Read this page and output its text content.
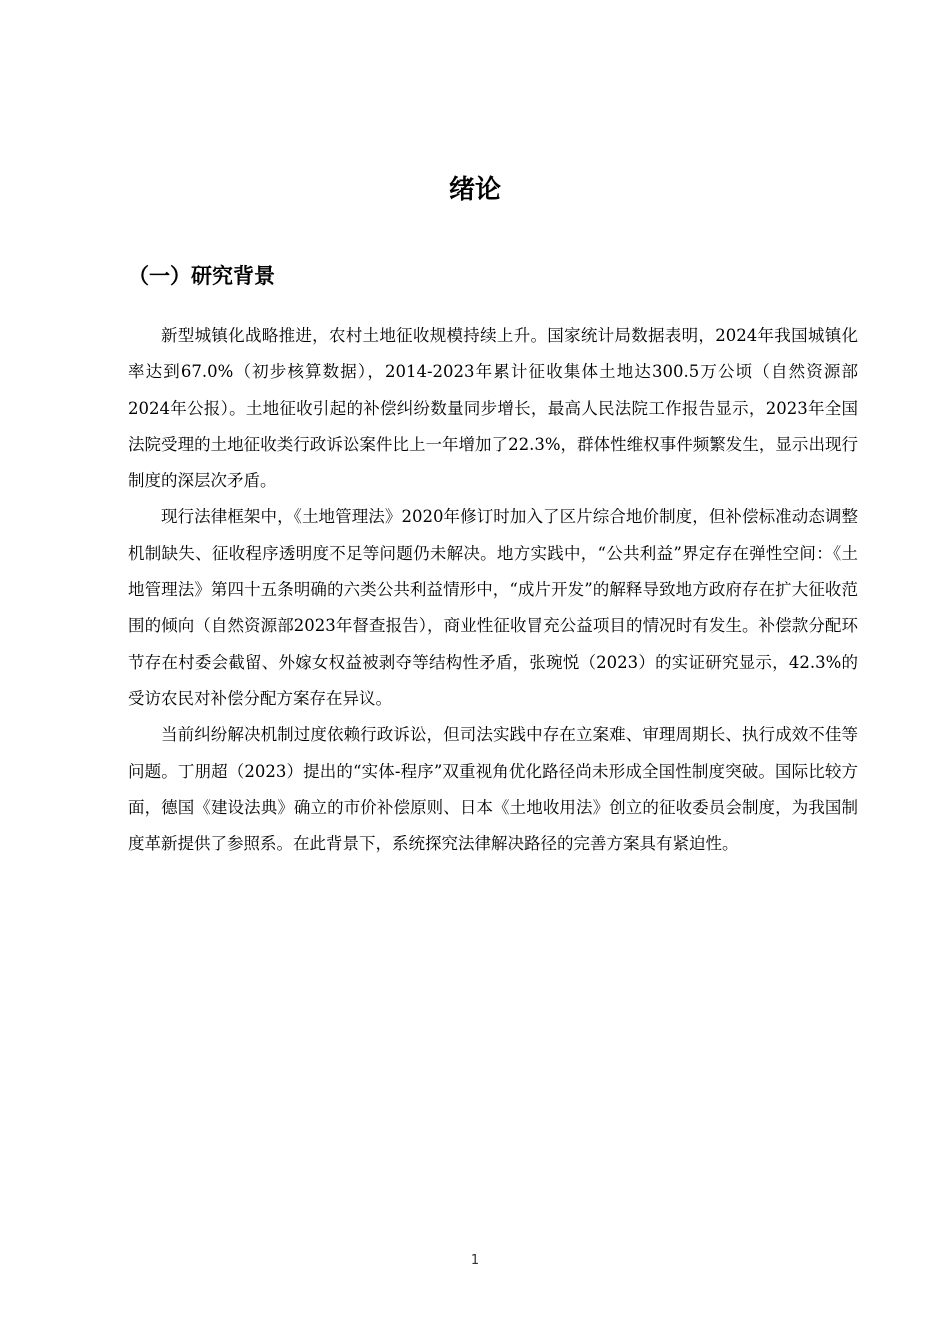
绪论
（一）研究背景

新型城镇化战略推进，农村土地征收规模持续上升。国家统计局数据表明，2024年我国城镇化率达到67.0%（初步核算数据），2014-2023年累计征收集体土地达300.5万公顷（自然资源部2024年公报）。土地征收引起的补偿纠纷数量同步增长，最高人民法院工作报告显示，2023年全国法院受理的土地征收类行政诉讼案件比上一年增加了22.3%，群体性维权事件频繁发生，显示出现行制度的深层次矛盾。

现行法律框架中，《土地管理法》2020年修订时加入了区片综合地价制度，但补偿标准动态调整机制缺失、征收程序透明度不足等问题仍未解决。地方实践中，“公共利益”界定存在弹性空间：《土地管理法》第四十五条明确的六类公共利益情形中，“成片开发”的解释导致地方政府存在扩大征收范围的倾向（自然资源部2023年督查报告），商业性征收冒充公益项目的情况时有发生。补偿款分配环节存在村委会截留、外嫁女权益被剥夺等结构性矛盾，张琬悦（2023）的实证研究显示，42.3%的受访农民对补偿分配方案存在异议。

当前纠纷解决机制过度依赖行政诉讼，但司法实践中存在立案难、审理周期长、执行成效不佳等问题。丁朋超（2023）提出的“实体-程序”双重视角优化路径尚未形成全国性制度突破。国际比较方面，德国《建设法典》确立的市价补偿原则、日本《土地收用法》创立的征收委员会制度，为我国制度革新提供了参照系。在此背景下，系统探究法律解决路径的完善方案具有紧迫性。

1
